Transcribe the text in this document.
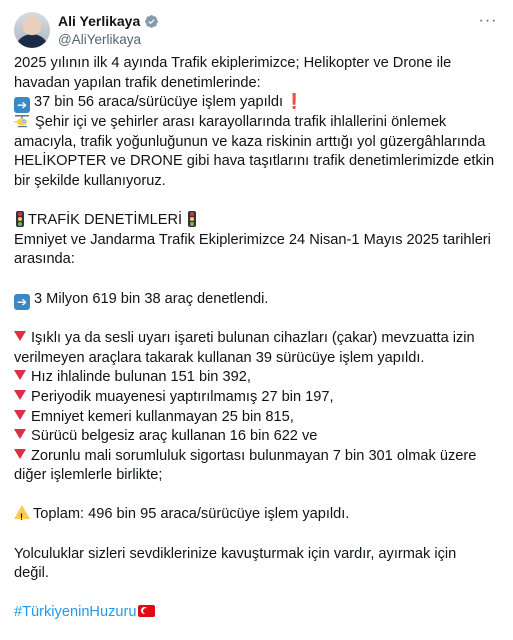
Ali Yerlikaya
@AliYerlikaya
···
2025 yılının ilk 4 ayında Trafik ekiplerimizce; Helikopter ve Drone ile
havadan yapılan trafik denetimlerinde:
➔ 37 bin 56 araca/sürücüye işlem yapıldı ❗
Şehir içi ve şehirler arası karayollarında trafik ihlallerini önlemek
amacıyla, trafik yoğunluğunun ve kaza riskinin arttığı yol güzergâhlarında
HELİKOPTER ve DRONE gibi hava taşıtlarını trafik denetimlerimizde etkin
bir şekilde kullanıyoruz.
TRAFİK DENETİMLERİ
Emniyet ve Jandarma Trafik Ekiplerimizce 24 Nisan-1 Mayıs 2025 tarihleri
arasında:
➔ 3 Milyon 619 bin 38 araç denetlendi.
Işıklı ya da sesli uyarı işareti bulunan cihazları (çakar) mevzuatta izin
verilmeyen araçlara takarak kullanan 39 sürücüye işlem yapıldı.
Hız ihlalinde bulunan 151 bin 392,
Periyodik muayenesi yaptırılmamış 27 bin 197,
Emniyet kemeri kullanmayan 25 bin 815,
Sürücü belgesiz araç kullanan 16 bin 622 ve
Zorunlu mali sorumluluk sigortası bulunmayan 7 bin 301 olmak üzere
diğer işlemlerle birlikte;
! Toplam: 496 bin 95 araca/sürücüye işlem yapıldı.
Yolculuklar sizleri sevdiklerinize kavuşturmak için vardır, ayırmak için
değil.
#TürkiyeninHuzuru
